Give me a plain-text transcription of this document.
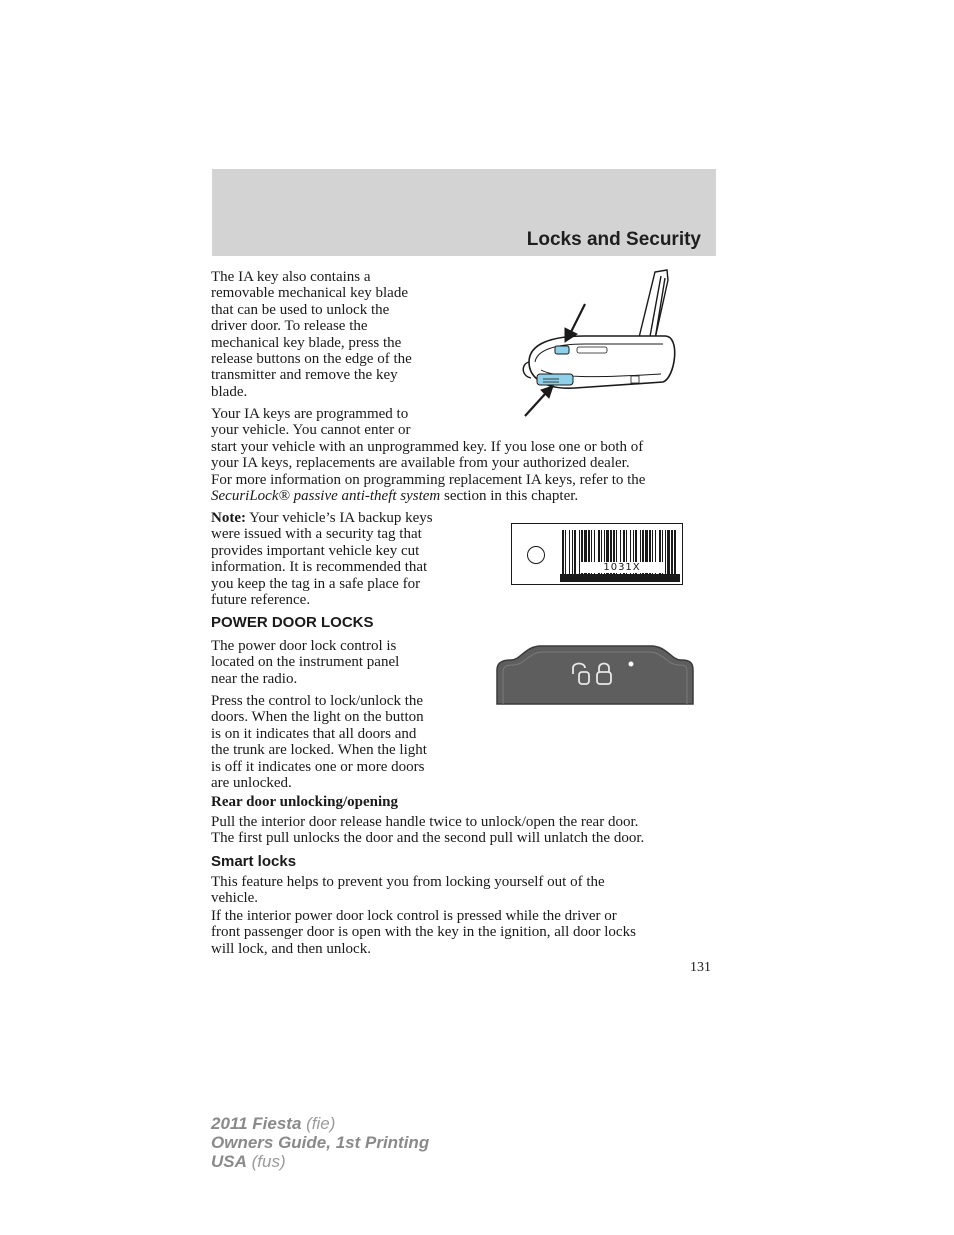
Locks and Security
The IA key also contains a
removable mechanical key blade
that can be used to unlock the
driver door. To release the
mechanical key blade, press the
release buttons on the edge of the
transmitter and remove the key
blade.
Your IA keys are programmed to
your vehicle. You cannot enter or
start your vehicle with an unprogrammed key. If you lose one or both of
your IA keys, replacements are available from your authorized dealer.
For more information on programming replacement IA keys, refer to the
SecuriLock® passive anti-theft system section in this chapter.
Note: Your vehicle’s IA backup keys
were issued with a security tag that
provides important vehicle key cut
information. It is recommended that
you keep the tag in a safe place for
future reference.
1031X
POWER DOOR LOCKS
The power door lock control is
located on the instrument panel
near the radio.
Press the control to lock/unlock the
doors. When the light on the button
is on it indicates that all doors and
the trunk are locked. When the light
is off it indicates one or more doors
are unlocked.
Rear door unlocking/opening
Pull the interior door release handle twice to unlock/open the rear door.
The first pull unlocks the door and the second pull will unlatch the door.
Smart locks
This feature helps to prevent you from locking yourself out of the
vehicle.
If the interior power door lock control is pressed while the driver or
front passenger door is open with the key in the ignition, all door locks
will lock, and then unlock.
131
2011 Fiesta (fie)
Owners Guide, 1st Printing
USA (fus)
